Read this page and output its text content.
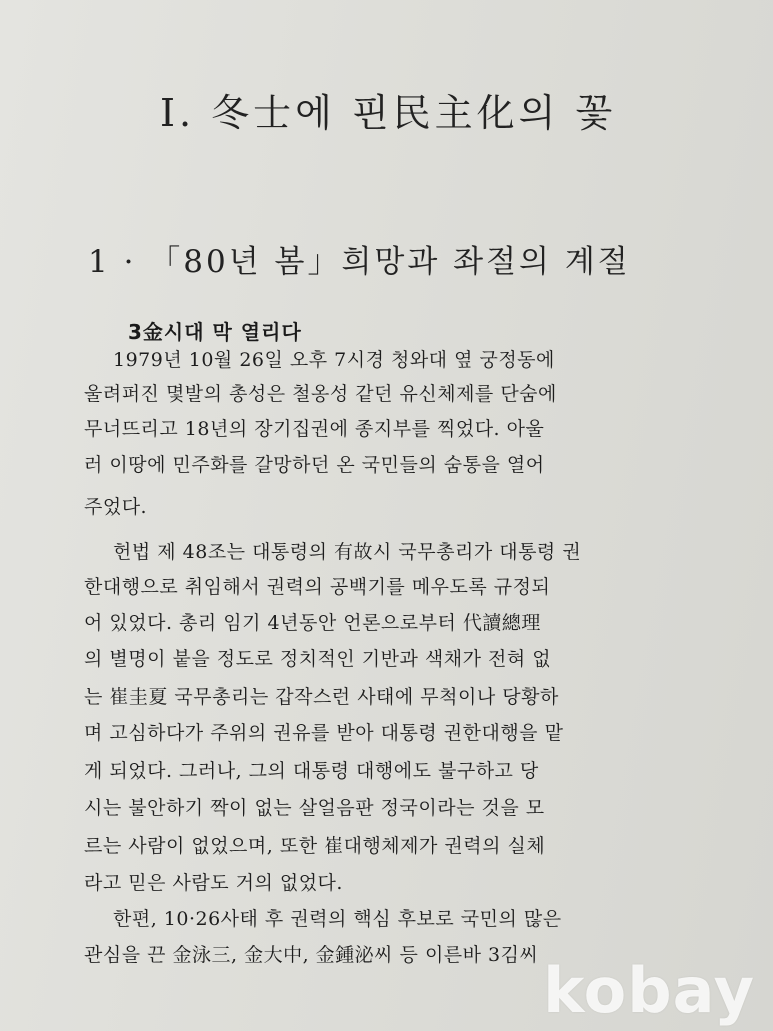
I. 冬士에 핀民主化의 꽃
1 · 「80년 봄」희망과 좌절의 계절
3金시대 막 열리다
1979년 10월 26일 오후 7시경 청와대 옆 궁정동에
울려퍼진 몇발의 총성은 철옹성 같던 유신체제를 단숨에
무너뜨리고 18년의 장기집권에 종지부를 찍었다. 아울
러 이땅에 민주화를 갈망하던 온 국민들의 숨통을 열어
주었다.
헌법 제 48조는 대통령의 有故시 국무총리가 대통령 권
한대행으로 취임해서 권력의 공백기를 메우도록 규정되
어 있었다. 총리 임기 4년동안 언론으로부터 代讀總理
의 별명이 붙을 정도로 정치적인 기반과 색채가 전혀 없
는 崔圭夏 국무총리는 갑작스런 사태에 무척이나 당황하
며 고심하다가 주위의 권유를 받아 대통령 권한대행을 맡
게 되었다. 그러나, 그의 대통령 대행에도 불구하고 당
시는 불안하기 짝이 없는 살얼음판 정국이라는 것을 모
르는 사람이 없었으며, 또한 崔대행체제가 권력의 실체
라고 믿은 사람도 거의 없었다.
한편, 10·26사태 후 권력의 핵심 후보로 국민의 많은
관심을 끈 金泳三, 金大中, 金鍾泌씨 등 이른바 3김씨 kobay
